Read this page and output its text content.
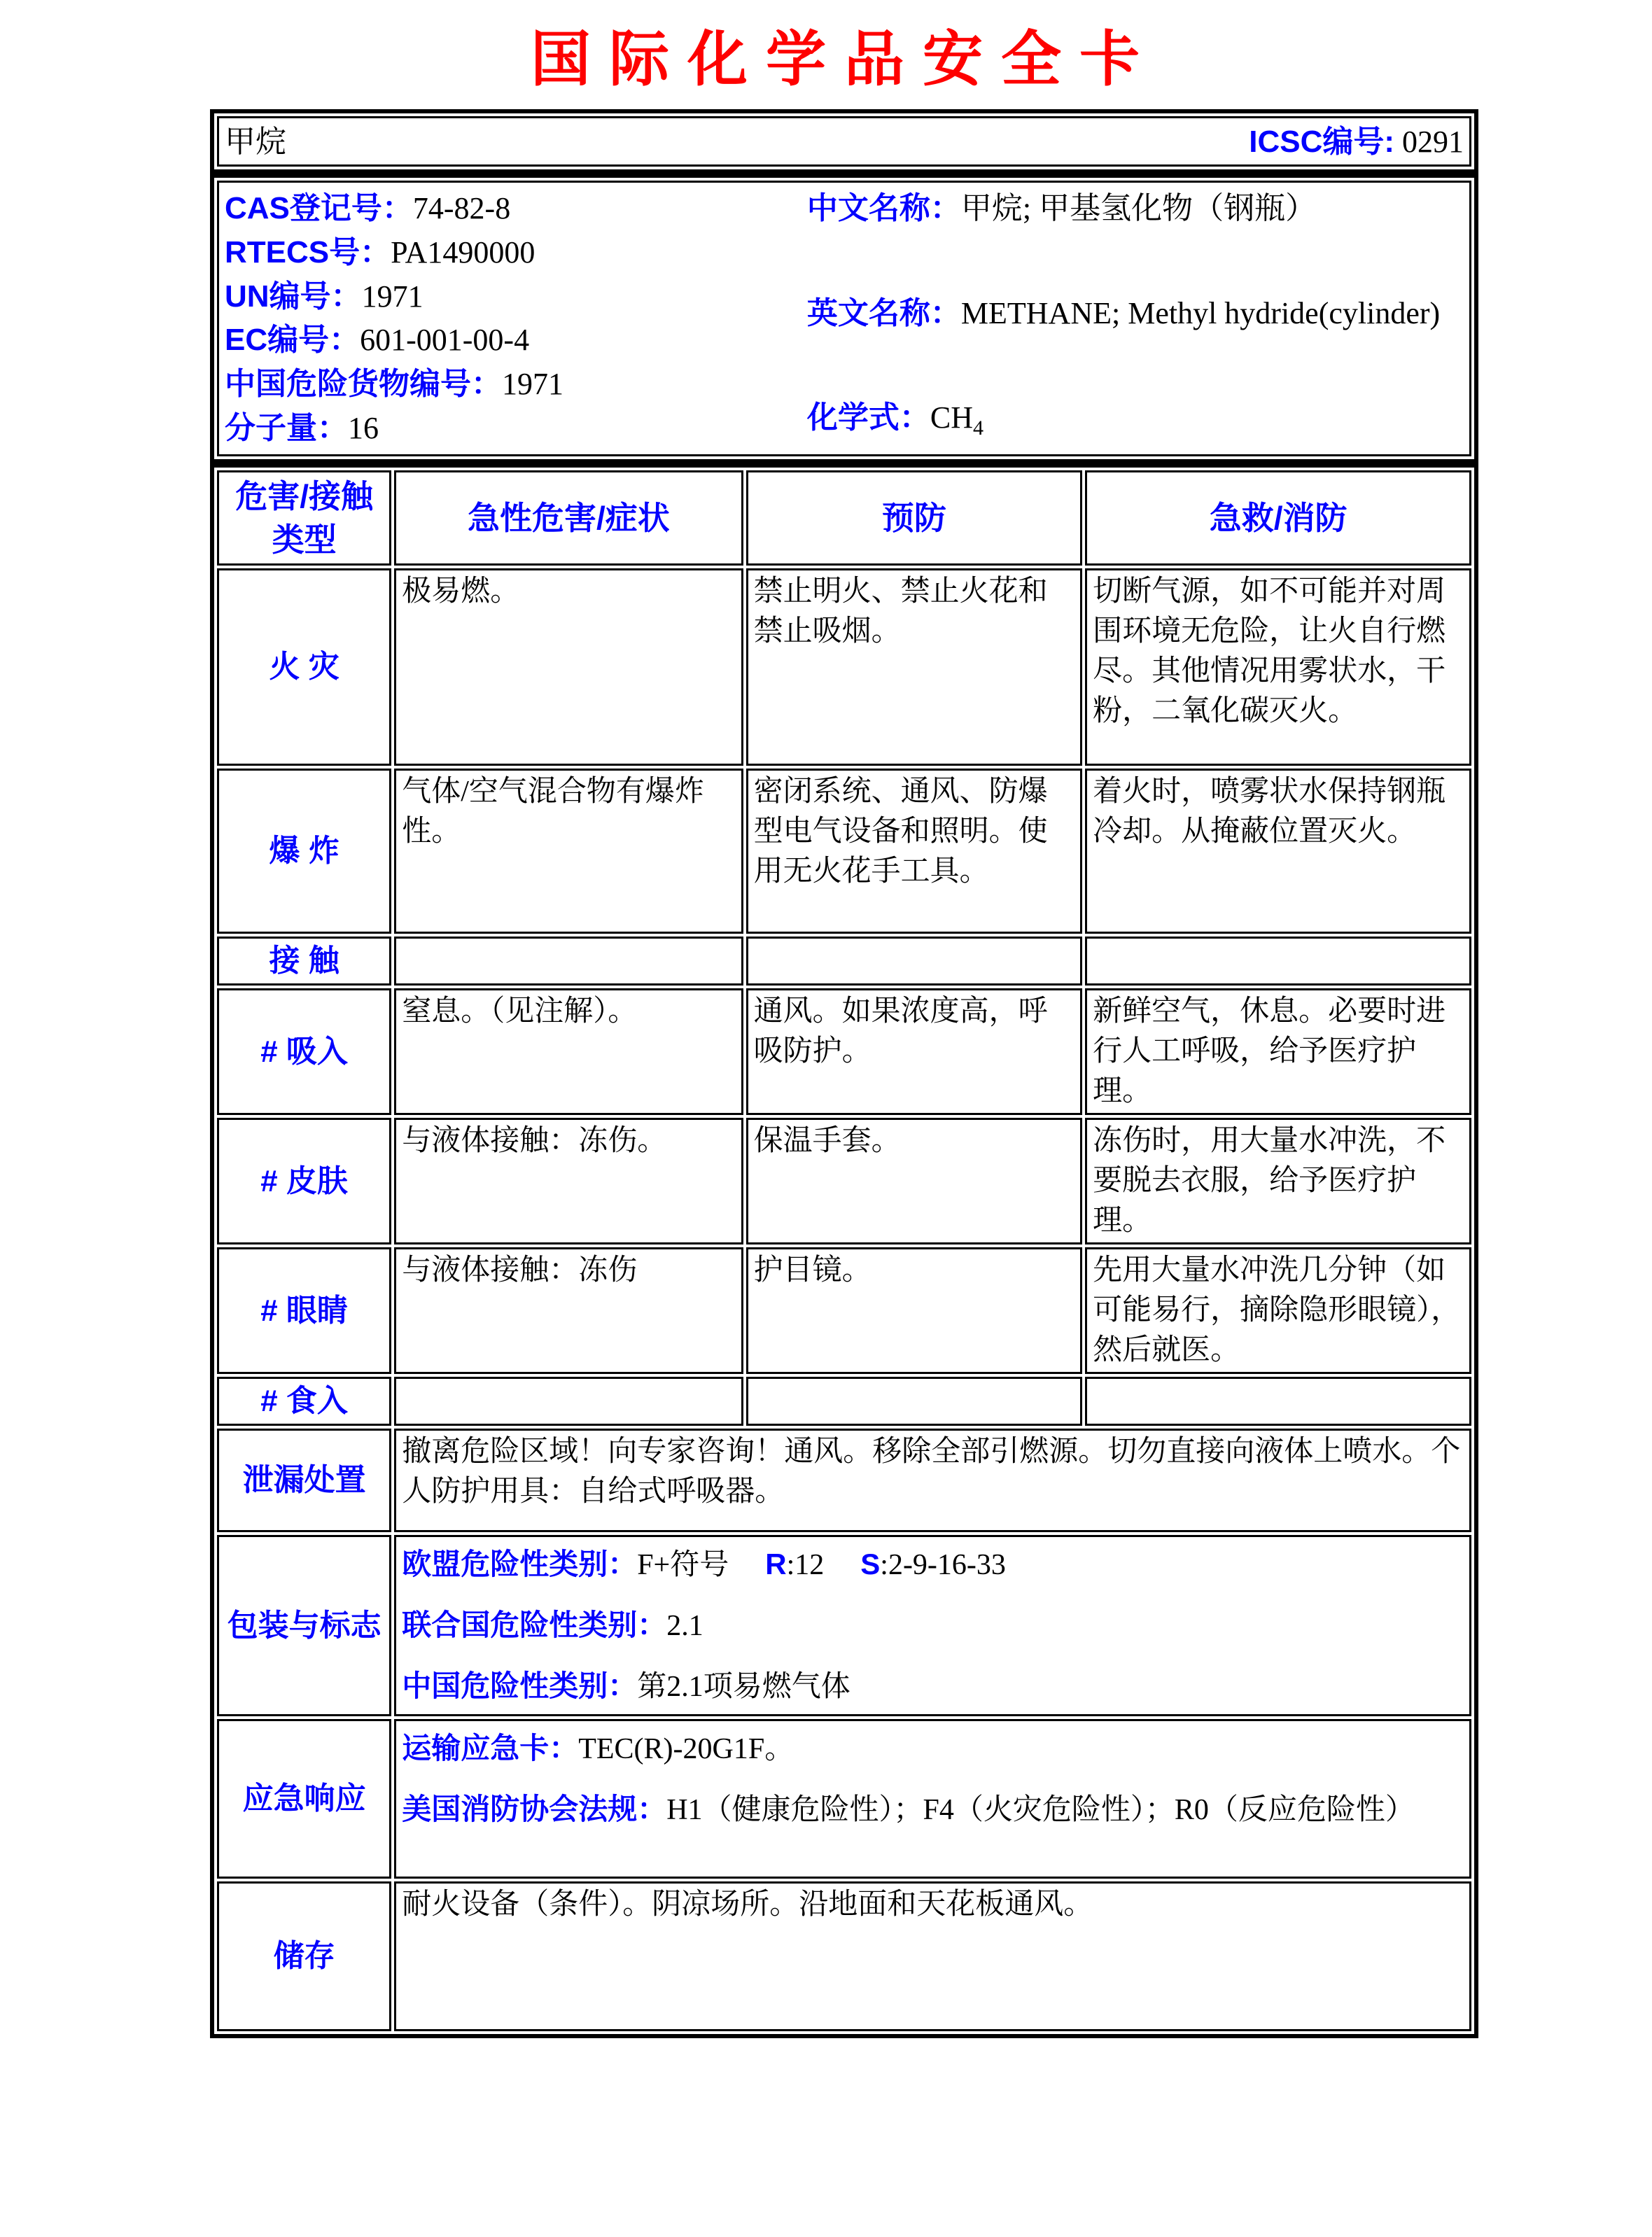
国际化学品安全卡
甲烷	ICSC编号: 0291
CAS登记号：74-82-8
RTECS号：PA1490000
UN编号：1971
EC编号：601-001-00-4
中国危险货物编号：1971
分子量：16
中文名称：甲烷; 甲基氢化物（钢瓶）
英文名称：METHANE; Methyl hydride(cylinder)
化学式：$CH_4$
危害/接触类型	急性危害/症状	预防	急救/消防
火 灾	极易燃。	禁止明火、禁止火花和禁止吸烟。	切断气源，如不可能并对周围环境无危险，让火自行燃尽。其他情况用雾状水，干粉，二氧化碳灭火。
爆 炸	气体/空气混合物有爆炸性。	密闭系统、通风、防爆型电气设备和照明。使用无火花手工具。	着火时，喷雾状水保持钢瓶冷却。从掩蔽位置灭火。
接 触			
# 吸入	窒息。（见注解）。	通风。如果浓度高，呼吸防护。	新鲜空气，休息。必要时进行人工呼吸，给予医疗护理。
# 皮肤	与液体接触：冻伤。	保温手套。	冻伤时，用大量水冲洗，不要脱去衣服，给予医疗护理。
# 眼睛	与液体接触：冻伤	护目镜。	先用大量水冲洗几分钟（如可能易行，摘除隐形眼镜），然后就医。
# 食入			
泄漏处置	撤离危险区域！向专家咨询！通风。移除全部引燃源。切勿直接向液体上喷水。个人防护用具：自给式呼吸器。		
包装与标志	欧盟危险性类别：F+符号 R:12 S:2-9-16-33
联合国危险性类别：2.1
中国危险性类别：第2.1项易燃气体		

应急响应	运输应急卡：TEC(R)-20G1F。
美国消防协会法规：H1（健康危险性）；F4（火灾危险性）；R0（反应危险性）		

储存	耐火设备（条件）。阴凉场所。沿地面和天花板通风。		
